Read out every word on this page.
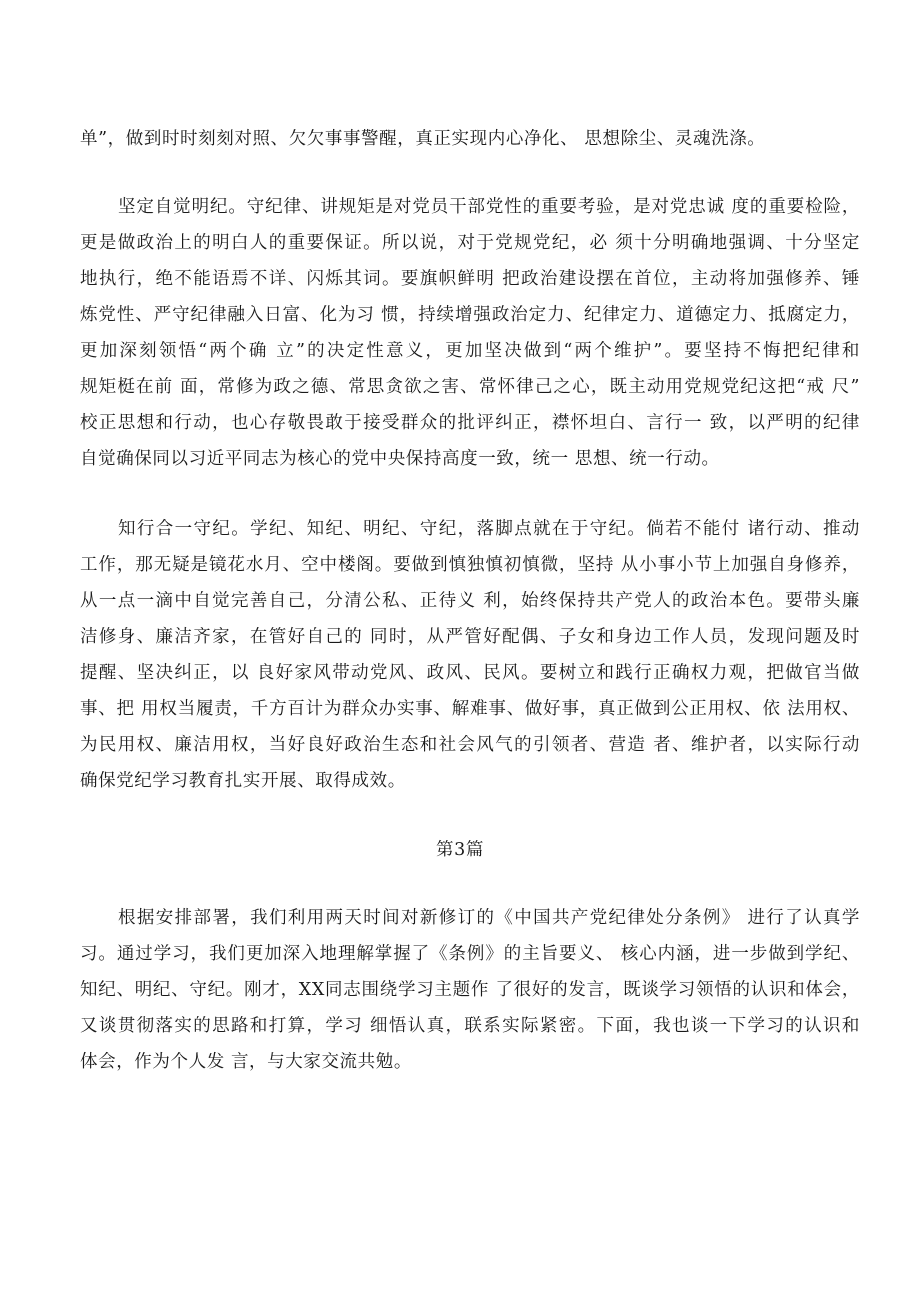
单”，做到时时刻刻对照、欠欠事事警醒，真正实现内心净化、 思想除尘、灵魂洗涤。
坚定自觉明纪。守纪律、讲规矩是对党员干部党性的重要考验，是对党忠诚 度的重要检险，
更是做政治上的明白人的重要保证。所以说，对于党规党纪，必 须十分明确地强调、十分坚定
地执行，绝不能语焉不详、闪烁其词。要旗帜鲜明 把政治建设摆在首位，主动将加强修养、锤
炼党性、严守纪律融入日富、化为习 惯，持续增强政治定力、纪律定力、道德定力、抵腐定力，
更加深刻领悟“两个确 立”的决定性意义，更加坚决做到“两个维护”。要坚持不悔把纪律和
规矩梃在前 面，常修为政之德、常思贪欲之害、常怀律己之心，既主动用党规党纪这把“戒 尺”
校正思想和行动，也心存敬畏敢于接受群众的批评纠正，襟怀坦白、言行一 致，以严明的纪律
自觉确保同以习近平同志为核心的党中央保持高度一致，统一 思想、统一行动。
知行合一守纪。学纪、知纪、明纪、守纪，落脚点就在于守纪。倘若不能付 诸行动、推动
工作，那无疑是镜花水月、空中楼阁。要做到慎独慎初慎微，坚持 从小事小节上加强自身修养，
从一点一滴中自觉完善自己，分清公私、正待义 利，始终保持共产党人的政治本色。要带头廉
洁修身、廉洁齐家，在管好自己的 同时，从严管好配偶、子女和身边工作人员，发现问题及时
提醒、坚决纠正，以 良好家风带动党风、政风、民风。要树立和践行正确权力观，把做官当做
事、把 用权当履责，千方百计为群众办实事、解难事、做好事，真正做到公正用权、依 法用权、
为民用权、廉洁用权，当好良好政治生态和社会风气的引领者、营造 者、维护者，以实际行动
确保党纪学习教育扎实开展、取得成效。
第3篇
根据安排部署，我们利用两天时间对新修订的《中国共产党纪律处分条例》 进行了认真学
习。通过学习，我们更加深入地理解掌握了《条例》的主旨要义、 核心内涵，进一步做到学纪、
知纪、明纪、守纪。刚才，XX同志围绕学习主题作 了很好的发言，既谈学习领悟的认识和体会，
又谈贯彻落实的思路和打算，学习 细悟认真，联系实际紧密。下面，我也谈一下学习的认识和
体会，作为个人发 言，与大家交流共勉。
